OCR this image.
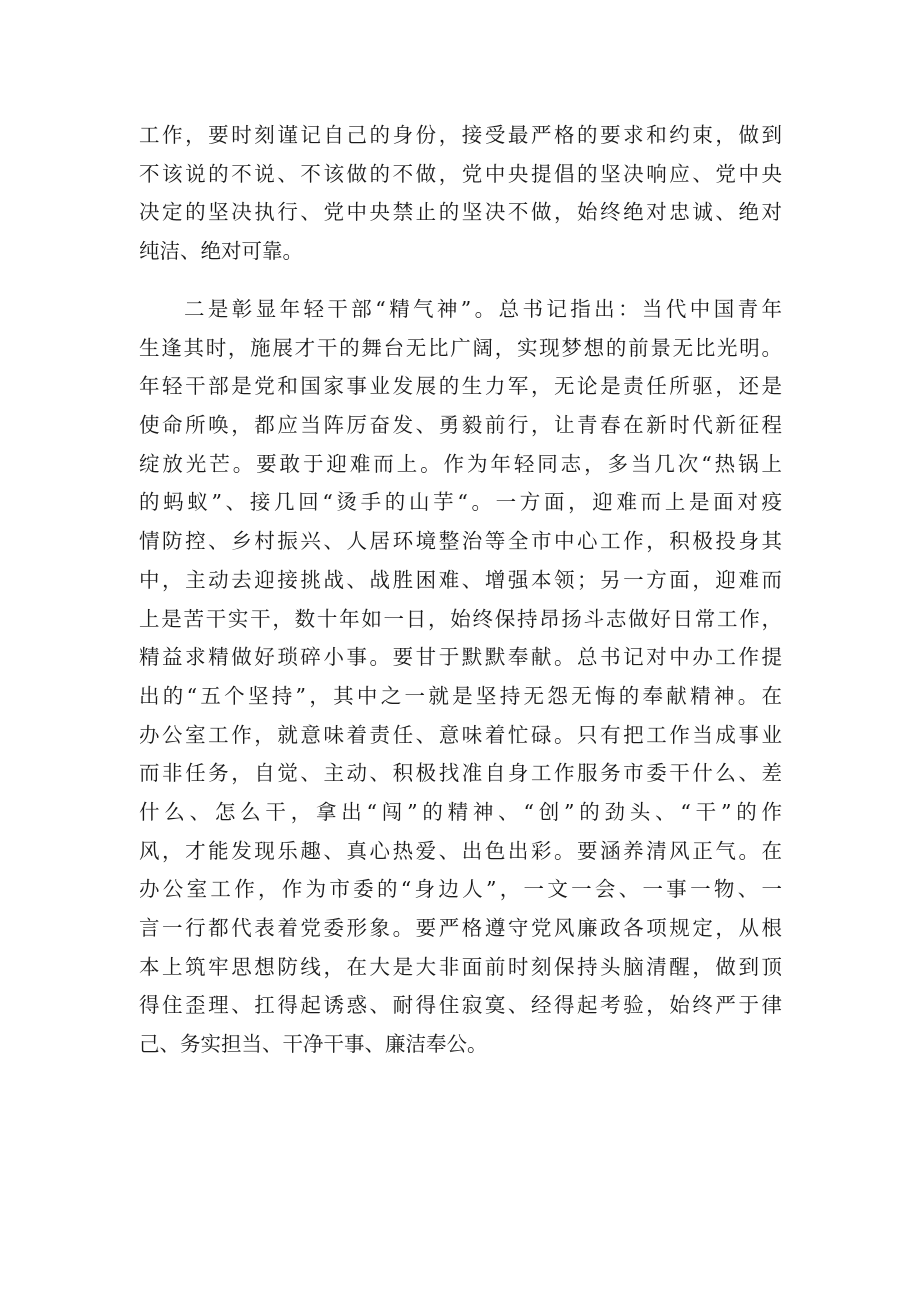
工作，要时刻谨记自己的身份，接受最严格的要求和约束，做到
不该说的不说、不该做的不做，党中央提倡的坚决响应、党中央
决定的坚决执行、党中央禁止的坚决不做，始终绝对忠诚、绝对
纯洁、绝对可靠。
二是彰显年轻干部“精气神”。总书记指出：当代中国青年
生逢其时，施展才干的舞台无比广阔，实现梦想的前景无比光明。
年轻干部是党和国家事业发展的生力军，无论是责任所驱，还是
使命所唤，都应当阵厉奋发、勇毅前行，让青春在新时代新征程
绽放光芒。要敢于迎难而上。作为年轻同志，多当几次“热锅上
的蚂蚁”、接几回“烫手的山芋“。一方面，迎难而上是面对疫
情防控、乡村振兴、人居环境整治等全市中心工作，积极投身其
中，主动去迎接挑战、战胜困难、增强本领；另一方面，迎难而
上是苦干实干，数十年如一日，始终保持昂扬斗志做好日常工作，
精益求精做好琐碎小事。要甘于默默奉献。总书记对中办工作提
出的“五个坚持”，其中之一就是坚持无怨无悔的奉献精神。在
办公室工作，就意味着责任、意味着忙碌。只有把工作当成事业
而非任务，自觉、主动、积极找准自身工作服务市委干什么、差
什么、怎么干，拿出“闯”的精神、“创”的劲头、“干”的作
风，才能发现乐趣、真心热爱、出色出彩。要涵养清风正气。在
办公室工作，作为市委的“身边人”，一文一会、一事一物、一
言一行都代表着党委形象。要严格遵守党风廉政各项规定，从根
本上筑牢思想防线，在大是大非面前时刻保持头脑清醒，做到顶
得住歪理、扛得起诱惑、耐得住寂寞、经得起考验，始终严于律
己、务实担当、干净干事、廉洁奉公。
